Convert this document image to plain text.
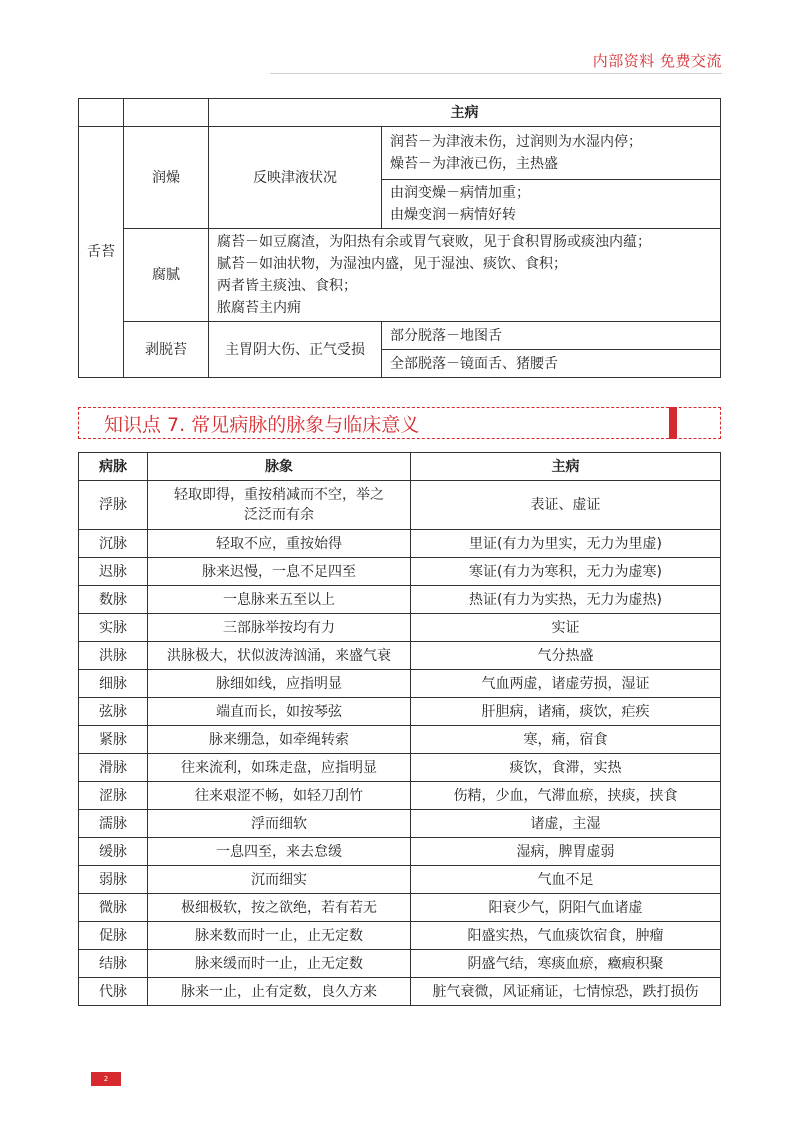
内部资料 免费交流
		主病	

舌苔	润燥	反映津液状况	润苔－为津液未伤，过润则为水湿内停；
燥苔－为津液已伤，主热盛

			由润变燥－病情加重；
由燥变润－病情好转

	腐腻	腐苔－如豆腐渣，为阳热有余或胃气衰败，见于食积胃肠或痰浊内蕴；
腻苔－如油状物，为湿浊内盛，见于湿浊、痰饮、食积；
两者皆主痰浊、食积；
脓腐苔主内痈	

	剥脱苔	主胃阴大伤、正气受损	部分脱落－地图舌
			全部脱落－镜面舌、猪腰舌
知识点 7. 常见病脉的脉象与临床意义
病脉	脉象	主病
浮脉	轻取即得，重按稍减而不空，举之泛泛而有余	表证、虚证
沉脉	轻取不应，重按始得	里证(有力为里实，无力为里虚)
迟脉	脉来迟慢，一息不足四至	寒证(有力为寒积，无力为虚寒)
数脉	一息脉来五至以上	热证(有力为实热，无力为虚热)
实脉	三部脉举按均有力	实证
洪脉	洪脉极大，状似波涛汹涌，来盛气衰	气分热盛
细脉	脉细如线，应指明显	气血两虚，诸虚劳损，湿证
弦脉	端直而长，如按琴弦	肝胆病，诸痛，痰饮，疟疾
紧脉	脉来绷急，如牵绳转索	寒，痛，宿食
滑脉	往来流利，如珠走盘，应指明显	痰饮，食滞，实热
涩脉	往来艰涩不畅，如轻刀刮竹	伤精，少血，气滞血瘀，挟痰，挟食
濡脉	浮而细软	诸虚，主湿
缓脉	一息四至，来去怠缓	湿病，脾胃虚弱
弱脉	沉而细实	气血不足
微脉	极细极软，按之欲绝，若有若无	阳衰少气，阴阳气血诸虚
促脉	脉来数而时一止，止无定数	阳盛实热，气血痰饮宿食，肿瘤
结脉	脉来缓而时一止，止无定数	阴盛气结，寒痰血瘀，癥瘕积聚
代脉	脉来一止，止有定数，良久方来	脏气衰微，风证痛证，七情惊恐，跌打损伤
2
